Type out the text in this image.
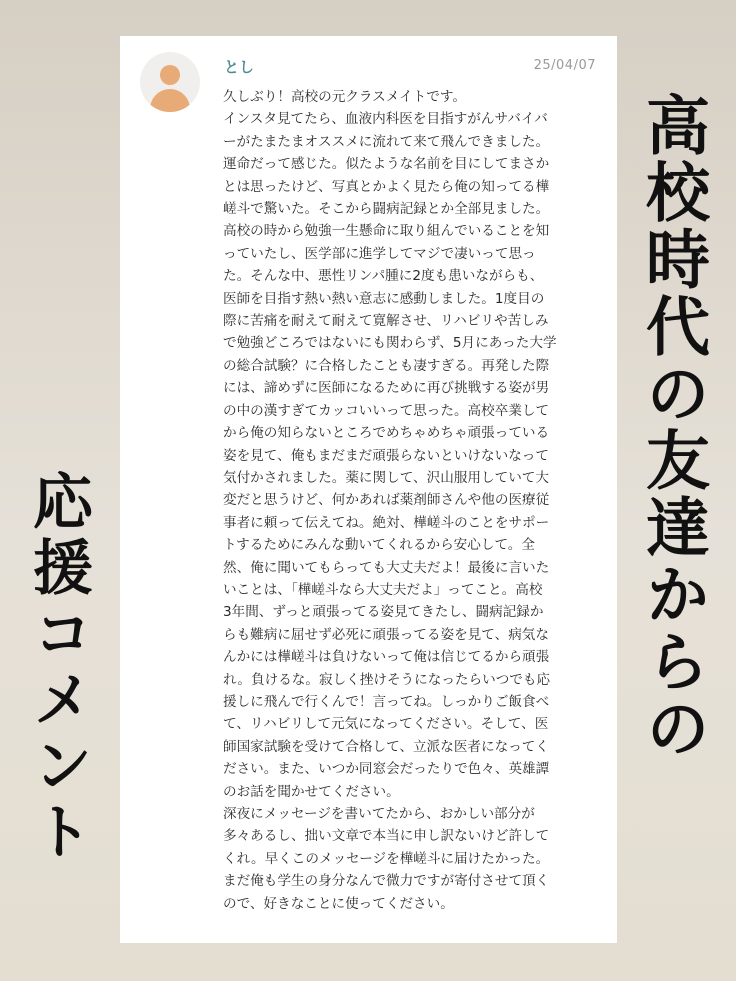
とし	25/04/07
久しぶり！高校の元クラスメイトです。
インスタ見てたら、血液内科医を目指すがんサバイバ
ーがたまたまオススメに流れて来て飛んできました。
運命だって感じた。似たような名前を目にしてまさか
とは思ったけど、写真とかよく見たら俺の知ってる樺
嵯斗で驚いた。そこから闘病記録とか全部見ました。
高校の時から勉強一生懸命に取り組んでいることを知
っていたし、医学部に進学してマジで凄いって思っ
た。そんな中、悪性リンパ腫に2度も患いながらも、
医師を目指す熱い熱い意志に感動しました。1度目の
際に苦痛を耐えて耐えて寛解させ、リハビリや苦しみ
で勉強どころではないにも関わらず、5月にあった大学
の総合試験？に合格したことも凄すぎる。再発した際
には、諦めずに医師になるために再び挑戦する姿が男
の中の漢すぎてカッコいいって思った。高校卒業して
から俺の知らないところでめちゃめちゃ頑張っている
姿を見て、俺もまだまだ頑張らないといけないなって
気付かされました。薬に関して、沢山服用していて大
変だと思うけど、何かあれば薬剤師さんや他の医療従
事者に頼って伝えてね。絶対、樺嵯斗のことをサポー
トするためにみんな動いてくれるから安心して。全
然、俺に聞いてもらっても大丈夫だよ！最後に言いた
いことは、「樺嵯斗なら大丈夫だよ」ってこと。高校
3年間、ずっと頑張ってる姿見てきたし、闘病記録か
らも難病に屈せず必死に頑張ってる姿を見て、病気な
んかには樺嵯斗は負けないって俺は信じてるから頑張
れ。負けるな。寂しく挫けそうになったらいつでも応
援しに飛んで行くんで！言ってね。しっかりご飯食べ
て、リハビリして元気になってください。そして、医
師国家試験を受けて合格して、立派な医者になってく
ださい。また、いつか同窓会だったりで色々、英雄譚
のお話を聞かせてください。
深夜にメッセージを書いてたから、おかしい部分が
多々あるし、拙い文章で本当に申し訳ないけど許して
くれ。早くこのメッセージを樺嵯斗に届けたかった。
まだ俺も学生の身分なんで微力ですが寄付させて頂く
ので、好きなことに使ってください。
高校時代の友達からの
応援コメント
